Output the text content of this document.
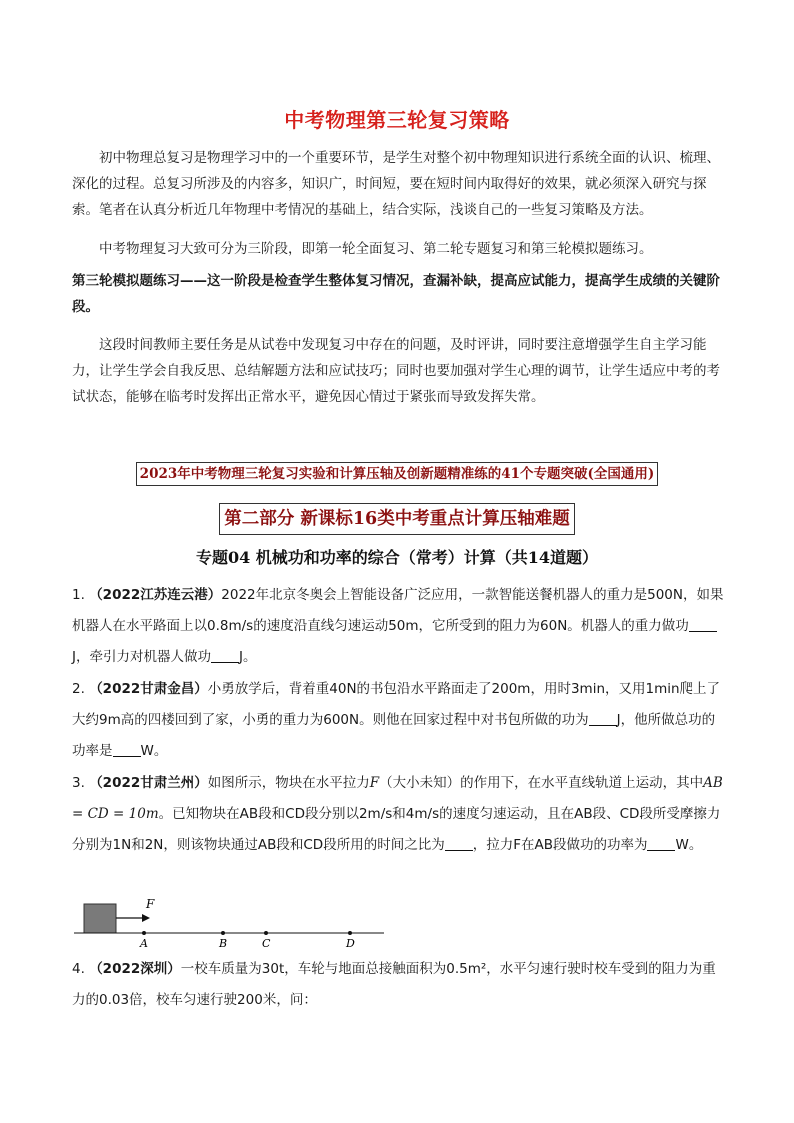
中考物理第三轮复习策略

初中物理总复习是物理学习中的一个重要环节，是学生对整个初中物理知识进行系统全面的认识、梳理、深化的过程。总复习所涉及的内容多，知识广，时间短，要在短时间内取得好的效果，就必须深入研究与探索。笔者在认真分析近几年物理中考情况的基础上，结合实际，浅谈自己的一些复习策略及方法。

中考物理复习大致可分为三阶段，即第一轮全面复习、第二轮专题复习和第三轮模拟题练习。

第三轮模拟题练习——这一阶段是检查学生整体复习情况，查漏补缺，提高应试能力，提高学生成绩的关键阶段。

这段时间教师主要任务是从试卷中发现复习中存在的问题，及时评讲，同时要注意增强学生自主学习能力，让学生学会自我反思、总结解题方法和应试技巧；同时也要加强对学生心理的调节，让学生适应中考的考试状态，能够在临考时发挥出正常水平，避免因心情过于紧张而导致发挥失常。

2023年中考物理三轮复习实验和计算压轴及创新题精准练的41个专题突破(全国通用)
第二部分 新课标16类中考重点计算压轴难题
专题04 机械功和功率的综合（常考）计算（共14道题）

1. （2022江苏连云港）2022年北京冬奥会上智能设备广泛应用，一款智能送餐机器人的重力是500N，如果机器人在水平路面上以0.8m/s的速度沿直线匀速运动50m，它所受到的阻力为60N。机器人的重力做功J，牵引力对机器人做功 J。

2. （2022甘肃金昌）小勇放学后，背着重40N的书包沿水平路面走了200m，用时3min，又用1min爬上了大约9m高的四楼回到了家，小勇的重力为600N。则他在回家过程中对书包所做的功为 J，他所做总功的功率是 W。

3. （2022甘肃兰州）如图所示，物块在水平拉力F（大小未知）的作用下，在水平直线轨道上运动，其中AB = CD = 10m。已知物块在AB段和CD段分别以2m/s和4m/s的速度匀速运动，且在AB段、CD段所受摩擦力分别为1N和2N，则该物块通过AB段和CD段所用的时间之比为 ，拉力F在AB段做功的功率为 W。

F
A	B	C	D

4. （2022深圳）一校车质量为30t，车轮与地面总接触面积为0.5m²，水平匀速行驶时校车受到的阻力为重力的0.03倍，校车匀速行驶200米，问：
